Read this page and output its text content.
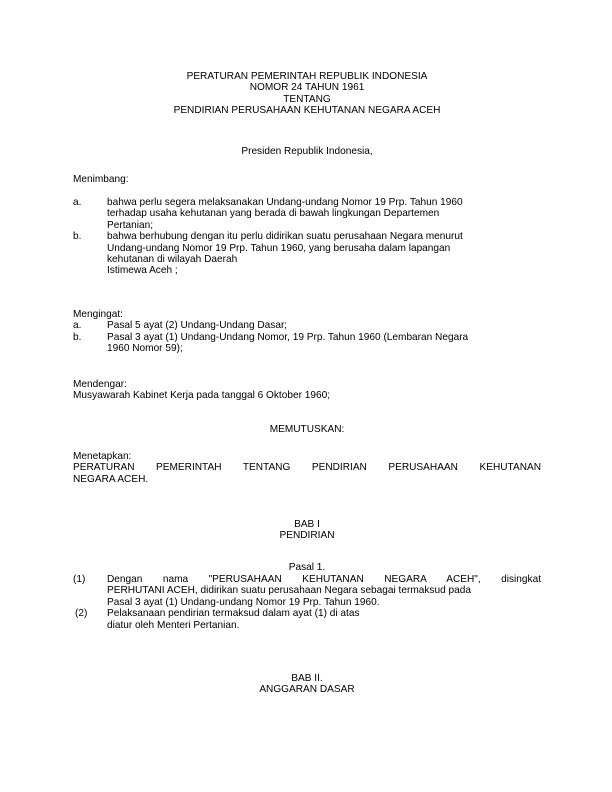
PERATURAN PEMERINTAH REPUBLIK INDONESIA
NOMOR 24 TAHUN 1961
TENTANG
PENDIRIAN PERUSAHAAN KEHUTANAN NEGARA ACEH
Presiden Republik Indonesia,
Menimbang:
a.	bahwa perlu segera melaksanakan Undang-undang Nomor 19 Prp. Tahun 1960
terhadap usaha kehutanan yang berada di bawah lingkungan Departemen
Pertanian;
b.	bahwa berhubung dengan itu perlu didirikan suatu perusahaan Negara menurut
Undang-undang Nomor 19 Prp. Tahun 1960, yang berusaha dalam lapangan
kehutanan di wilayah Daerah
Istimewa Aceh ;
Mengingat:
a.	Pasal 5 ayat (2) Undang-Undang Dasar;
b.	Pasal 3 ayat (1) Undang-Undang Nomor, 19 Prp. Tahun 1960 (Lembaran Negara
1960 Nomor 59);
Mendengar:
Musyawarah Kabinet Kerja pada tanggal 6 Oktober 1960;
MEMUTUSKAN:
Menetapkan:
PERATURAN PEMERINTAH TENTANG PENDIRIAN PERUSAHAAN KEHUTANAN
NEGARA ACEH.
BAB I
PENDIRIAN
Pasal 1.
(1) Dengan nama "PERUSAHAAN KEHUTANAN NEGARA ACEH", disingkat
PERHUTANI ACEH, didirikan suatu perusahaan Negara sebagai termaksud pada
Pasal 3 ayat (1) Undang-undang Nomor 19 Prp. Tahun 1960.
(2) Pelaksanaan pendirian termaksud dalam ayat (1) di atas
diatur oleh Menteri Pertanian.
BAB II.
ANGGARAN DASAR
